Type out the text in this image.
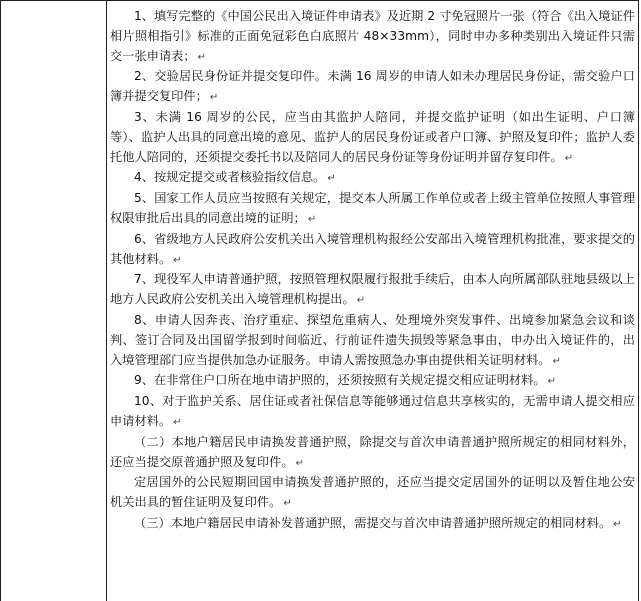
1、填写完整的《中国公民出入境证件申请表》及近期 2 寸免冠照片一张（符合《出入境证件相片照相指引》标准的正面免冠彩色白底照片 48×33mm），同时申办多种类别出入境证件只需交一张申请表； ↵

2、交验居民身份证并提交复印件。未满 16 周岁的申请人如未办理居民身份证，需交验户口簿并提交复印件； ↵

3、未满 16 周岁的公民，应当由其监护人陪同，并提交监护证明（如出生证明、户口簿等）、监护人出具的同意出境的意见、监护人的居民身份证或者户口簿、护照及复印件；监护人委托他人陪同的，还须提交委托书以及陪同人的居民身份证等身份证明并留存复印件。 ↵

4、按规定提交或者核验指纹信息。 ↵

5、国家工作人员应当按照有关规定，提交本人所属工作单位或者上级主管单位按照人事管理权限审批后出具的同意出境的证明； ↵

6、省级地方人民政府公安机关出入境管理机构报经公安部出入境管理机构批准，要求提交的其他材料。 ↵

7、现役军人申请普通护照，按照管理权限履行报批手续后，由本人向所属部队驻地县级以上地方人民政府公安机关出入境管理机构提出。 ↵

8、申请人因奔丧、治疗重症、探望危重病人、处理境外突发事件、出境参加紧急会议和谈判、签订合同及出国留学报到时间临近、行前证件遗失损毁等紧急事由，申办出入境证件的，出入境管理部门应当提供加急办证服务。申请人需按照急办事由提供相关证明材料。 ↵

9、在非常住户口所在地申请护照的，还须按照有关规定提交相应证明材料。 ↵

10、对于监护关系、居住证或者社保信息等能够通过信息共享核实的，无需申请人提交相应申请材料。 ↵

（二）本地户籍居民申请换发普通护照，除提交与首次申请普通护照所规定的相同材料外，还应当提交原普通护照及复印件。 ↵

定居国外的公民短期回国申请换发普通护照的，还应当提交定居国外的证明以及暂住地公安机关出具的暂住证明及复印件。 ↵

（三）本地户籍居民申请补发普通护照，需提交与首次申请普通护照所规定的相同材料。 ↵
